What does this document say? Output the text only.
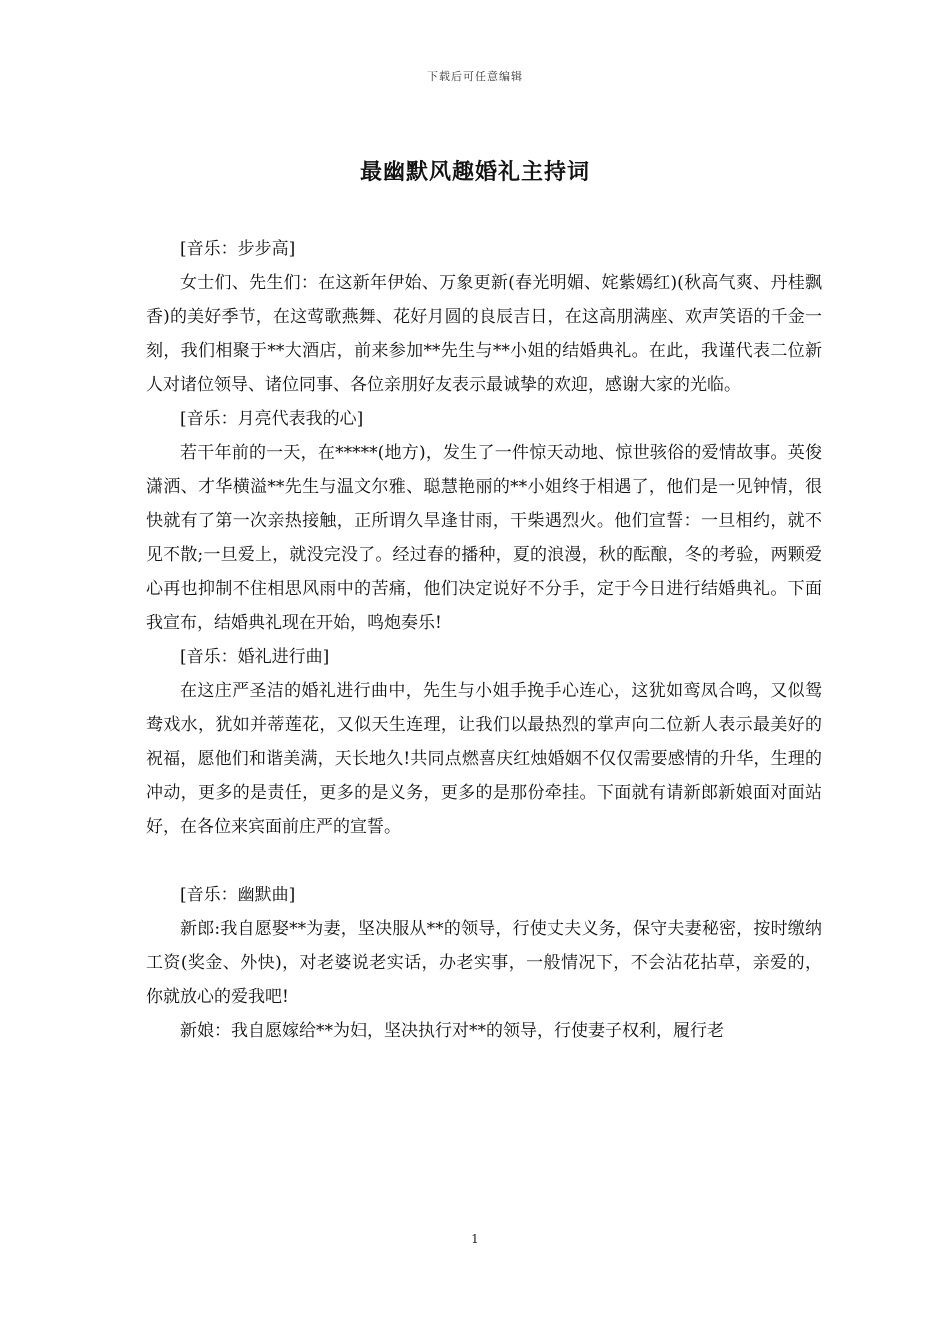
下载后可任意编辑
最幽默风趣婚礼主持词

[音乐：步步高]

女士们、先生们：在这新年伊始、万象更新(春光明媚、姹紫嫣红)(秋高气爽、丹桂飘香)的美好季节，在这莺歌燕舞、花好月圆的良辰吉日，在这高朋满座、欢声笑语的千金一刻，我们相聚于**大酒店，前来参加**先生与**小姐的结婚典礼。在此，我谨代表二位新人对诸位领导、诸位同事、各位亲朋好友表示最诚挚的欢迎，感谢大家的光临。

[音乐：月亮代表我的心]

若干年前的一天，在*****(地方)，发生了一件惊天动地、惊世骇俗的爱情故事。英俊潇洒、才华横溢**先生与温文尔雅、聪慧艳丽的**小姐终于相遇了，他们是一见钟情，很快就有了第一次亲热接触，正所谓久旱逢甘雨，干柴遇烈火。他们宣誓：一旦相约，就不见不散;一旦爱上，就没完没了。经过春的播种，夏的浪漫，秋的酝酿，冬的考验，两颗爱心再也抑制不住相思风雨中的苦痛，他们决定说好不分手，定于今日进行结婚典礼。下面我宣布，结婚典礼现在开始，鸣炮奏乐!

[音乐：婚礼进行曲]

在这庄严圣洁的婚礼进行曲中，先生与小姐手挽手心连心，这犹如鸾凤合鸣，又似鸳鸯戏水，犹如并蒂莲花，又似天生连理，让我们以最热烈的掌声向二位新人表示最美好的祝福，愿他们和谐美满，天长地久!共同点燃喜庆红烛婚姻不仅仅需要感情的升华，生理的冲动，更多的是责任，更多的是义务，更多的是那份牵挂。下面就有请新郎新娘面对面站好，在各位来宾面前庄严的宣誓。

[音乐：幽默曲]

新郎:我自愿娶**为妻，坚决服从**的领导，行使丈夫义务，保守夫妻秘密，按时缴纳工资(奖金、外快)，对老婆说老实话，办老实事，一般情况下，不会沾花拈草，亲爱的，你就放心的爱我吧!

新娘：我自愿嫁给**为妇，坚决执行对**的领导，行使妻子权利，履行老

1
